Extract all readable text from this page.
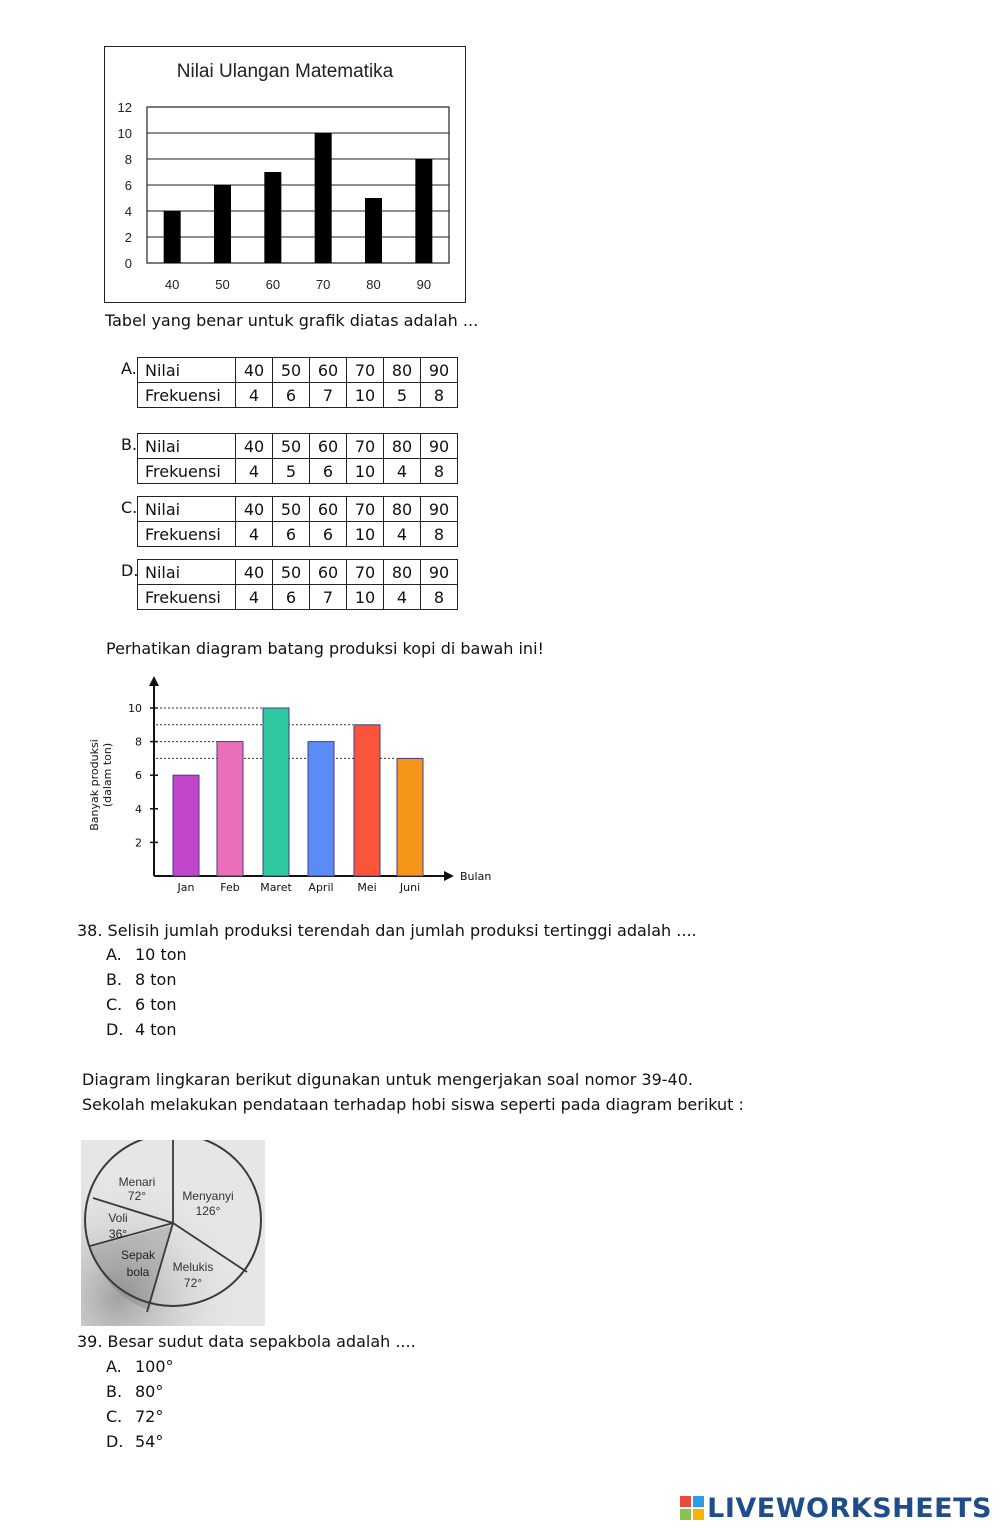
Nilai Ulangan Matematika
0
2
4
6
8
10
12
40	50	60	70	80	90
Tabel yang benar untuk grafik diatas adalah ...
A. Nilai	40	50	60	70	80	90
Frekuensi	4	6	7	10	5	8
B. Nilai	40	50	60	70	80	90
Frekuensi	4	5	6	10	4	8
C. Nilai	40	50	60	70	80	90
Frekuensi	4	6	6	10	4	8
D. Nilai	40	50	60	70	80	90
Frekuensi	4	6	7	10	4	8
Perhatikan diagram batang produksi kopi di bawah ini!
2
4
6
8
10
Jan Feb Maret April Mei Juni
Bulan
Banyak produksi (dalam ton)
38. Selisih jumlah produksi terendah dan jumlah produksi tertinggi adalah ....
A. 10 ton
B. 8 ton
C. 6 ton
D. 4 ton
Diagram lingkaran berikut digunakan untuk mengerjakan soal nomor 39-40.
Sekolah melakukan pendataan terhadap hobi siswa seperti pada diagram berikut :
Menari
72°	Menyanyi
126°
Voli
36°
Sepak
bola Melukis
72°
39. Besar sudut data sepakbola adalah ....
A. 100°
B. 80°
C. 72°
D. 54°
LIVEWORKSHEETS
